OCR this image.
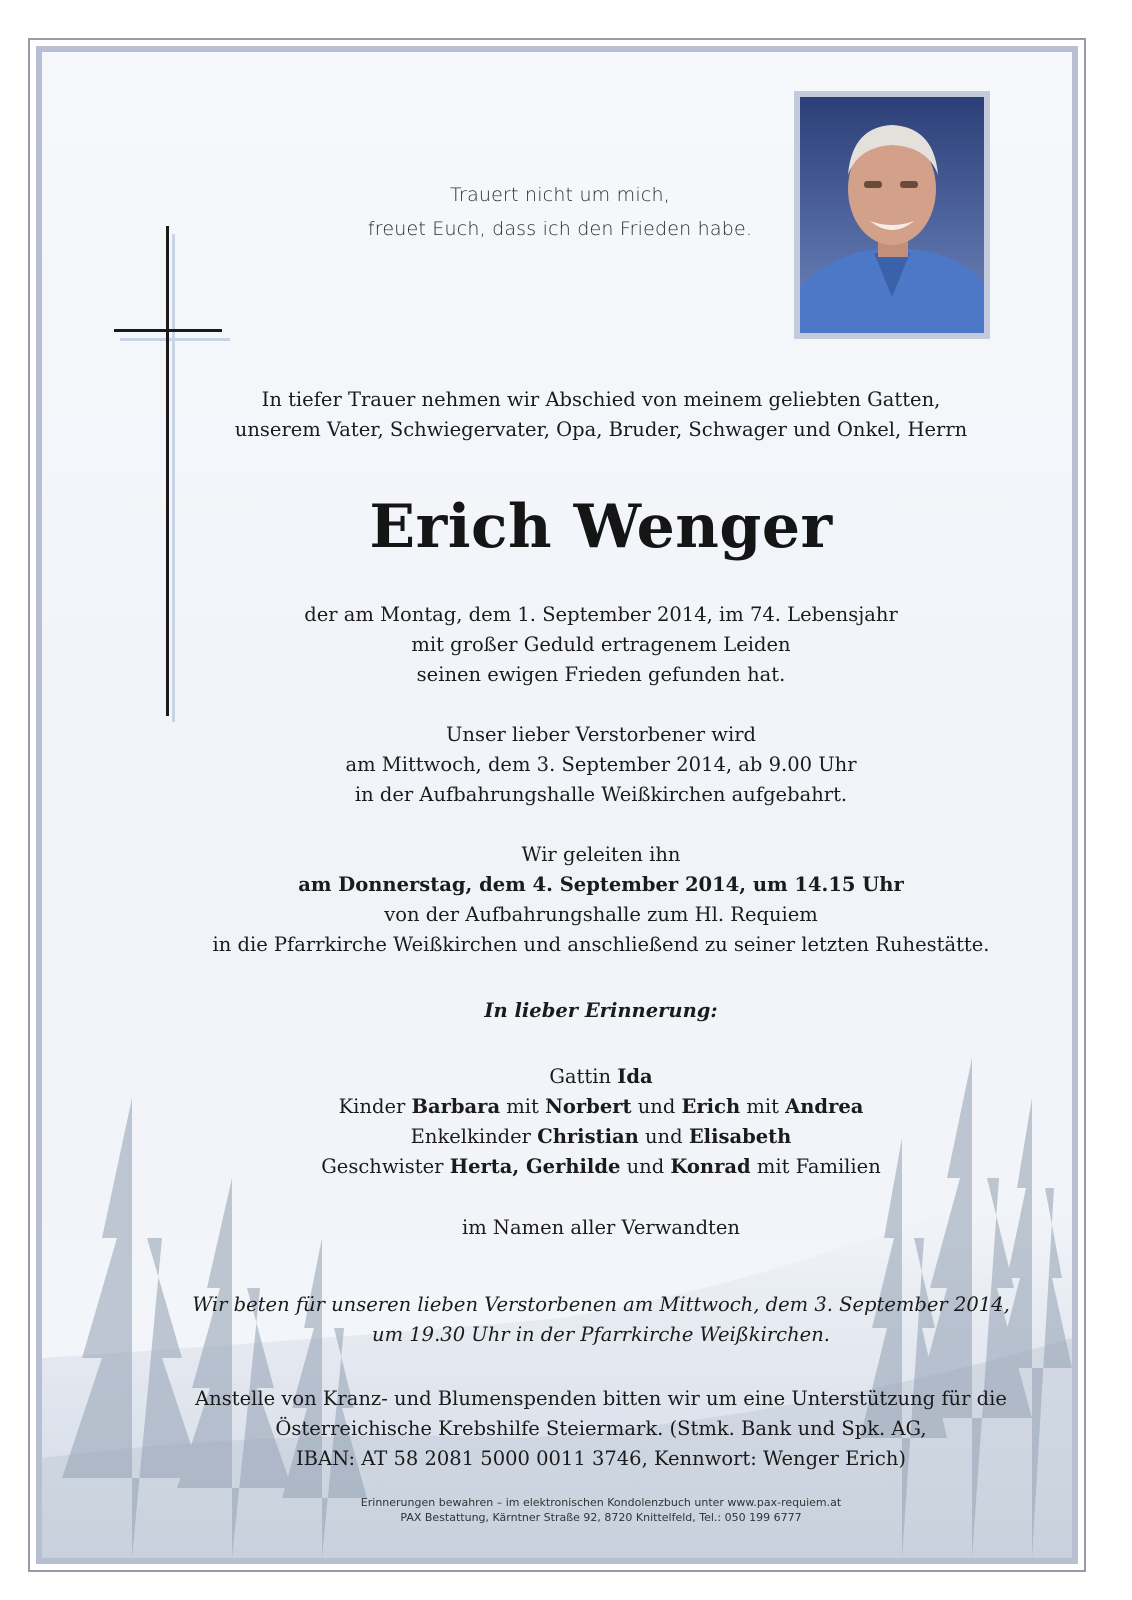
Trauert nicht um mich,
freuet Euch, dass ich den Frieden habe.
In tiefer Trauer nehmen wir Abschied von meinem geliebten Gatten,
unserem Vater, Schwiegervater, Opa, Bruder, Schwager und Onkel, Herrn
Erich Wenger
der am Montag, dem 1. September 2014, im 74. Lebensjahr
mit großer Geduld ertragenem Leiden
seinen ewigen Frieden gefunden hat.
Unser lieber Verstorbener wird
am Mittwoch, dem 3. September 2014, ab 9.00 Uhr
in der Aufbahrungshalle Weißkirchen aufgebahrt.
Wir geleiten ihn
am Donnerstag, dem 4. September 2014, um 14.15 Uhr
von der Aufbahrungshalle zum Hl. Requiem
in die Pfarrkirche Weißkirchen und anschließend zu seiner letzten Ruhestätte.
In lieber Erinnerung:
Gattin Ida
Kinder Barbara mit Norbert und Erich mit Andrea
Enkelkinder Christian und Elisabeth
Geschwister Herta, Gerhilde und Konrad mit Familien
im Namen aller Verwandten
Wir beten für unseren lieben Verstorbenen am Mittwoch, dem 3. September 2014,
um 19.30 Uhr in der Pfarrkirche Weißkirchen.
Anstelle von Kranz- und Blumenspenden bitten wir um eine Unterstützung für die
Österreichische Krebshilfe Steiermark. (Stmk. Bank und Spk. AG,
IBAN: AT 58 2081 5000 0011 3746, Kennwort: Wenger Erich)
Erinnerungen bewahren – im elektronischen Kondolenzbuch unter www.pax-requiem.at
PAX Bestattung, Kärntner Straße 92, 8720 Knittelfeld, Tel.: 050 199 6777
